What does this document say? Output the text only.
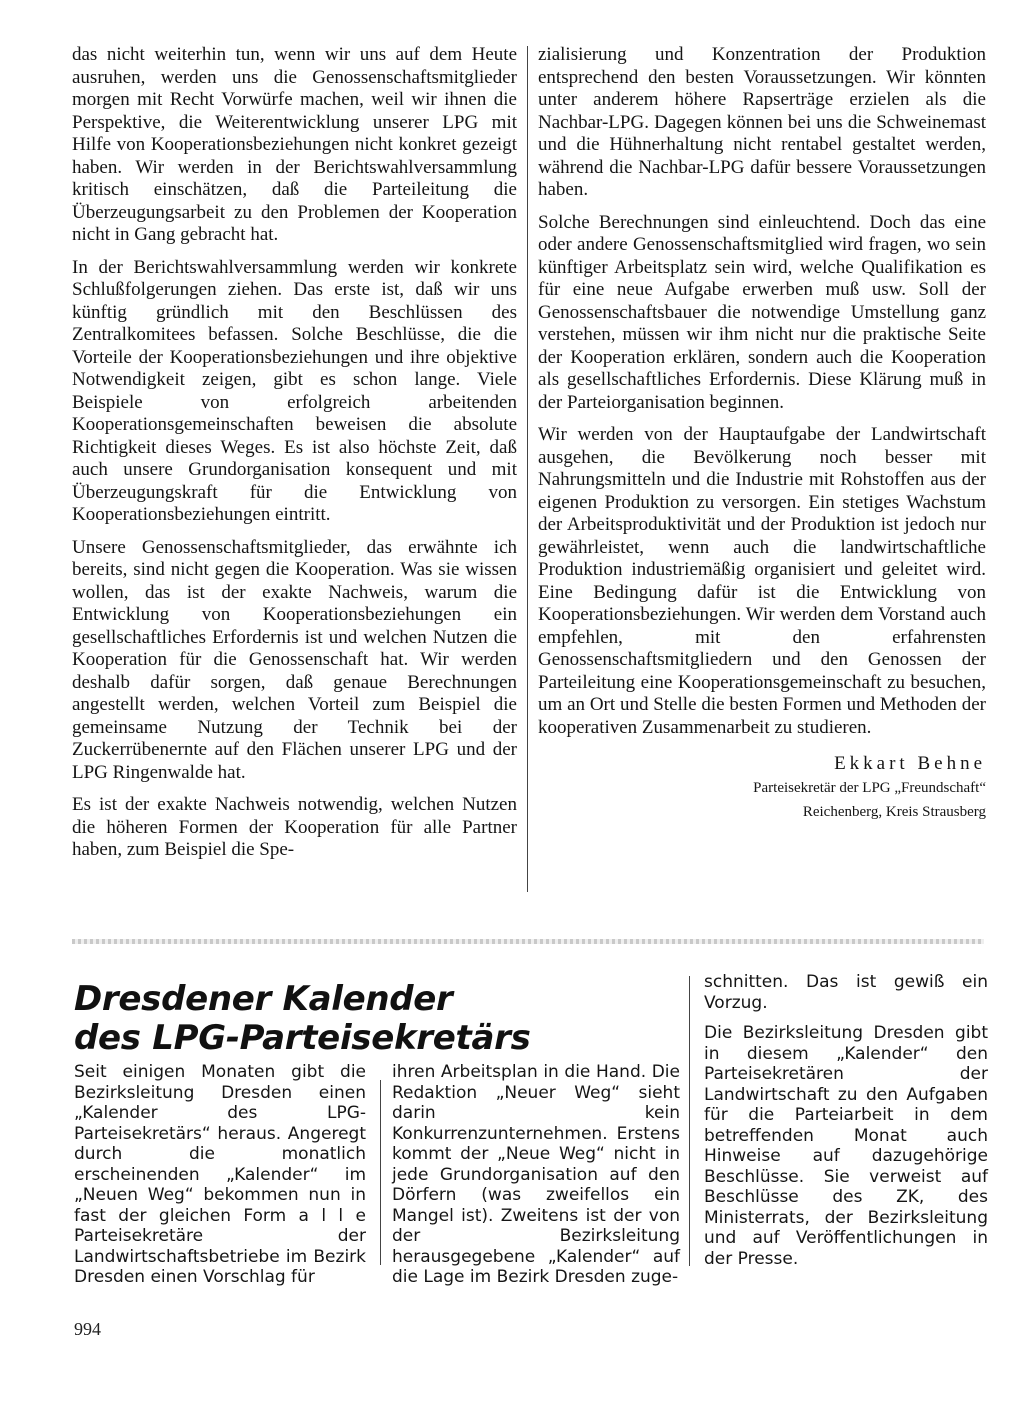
das nicht weiterhin tun, wenn wir uns auf dem Heute ausruhen, werden uns die Genossenschaftsmitglieder morgen mit Recht Vorwürfe machen, weil wir ihnen die Perspektive, die Weiterentwicklung unserer LPG mit Hilfe von Kooperationsbeziehungen nicht konkret gezeigt haben. Wir werden in der Berichtswahlversammlung kritisch einschätzen, daß die Parteileitung die Überzeugungsarbeit zu den Problemen der Kooperation nicht in Gang gebracht hat.

In der Berichtswahlversammlung werden wir konkrete Schlußfolgerungen ziehen. Das erste ist, daß wir uns künftig gründlich mit den Beschlüssen des Zentralkomitees befassen. Solche Beschlüsse, die die Vorteile der Kooperationsbeziehungen und ihre objektive Notwendigkeit zeigen, gibt es schon lange. Viele Beispiele von erfolgreich arbeitenden Kooperationsgemeinschaften beweisen die absolute Richtigkeit dieses Weges. Es ist also höchste Zeit, daß auch unsere Grundorganisation konsequent und mit Überzeugungskraft für die Entwicklung von Kooperationsbeziehungen eintritt.

Unsere Genossenschaftsmitglieder, das erwähnte ich bereits, sind nicht gegen die Kooperation. Was sie wissen wollen, das ist der exakte Nachweis, warum die Entwicklung von Kooperationsbeziehungen ein gesellschaftliches Erfordernis ist und welchen Nutzen die Kooperation für die Genossenschaft hat. Wir werden deshalb dafür sorgen, daß genaue Berechnungen angestellt werden, welchen Vorteil zum Beispiel die gemeinsame Nutzung der Technik bei der Zuckerrübenernte auf den Flächen unserer LPG und der LPG Ringenwalde hat.

Es ist der exakte Nachweis notwendig, welchen Nutzen die höheren Formen der Kooperation für alle Partner haben, zum Beispiel die Spe-

zialisierung und Konzentration der Produktion entsprechend den besten Voraussetzungen. Wir könnten unter anderem höhere Rapserträge erzielen als die Nachbar-LPG. Dagegen können bei uns die Schweinemast und die Hühnerhaltung nicht rentabel gestaltet werden, während die Nachbar-LPG dafür bessere Voraussetzungen haben.

Solche Berechnungen sind einleuchtend. Doch das eine oder andere Genossenschaftsmitglied wird fragen, wo sein künftiger Arbeitsplatz sein wird, welche Qualifikation es für eine neue Aufgabe erwerben muß usw. Soll der Genossenschaftsbauer die notwendige Umstellung ganz verstehen, müssen wir ihm nicht nur die praktische Seite der Kooperation erklären, sondern auch die Kooperation als gesellschaftliches Erfordernis. Diese Klärung muß in der Parteiorganisation beginnen.

Wir werden von der Hauptaufgabe der Landwirtschaft ausgehen, die Bevölkerung noch besser mit Nahrungsmitteln und die Industrie mit Rohstoffen aus der eigenen Produktion zu versorgen. Ein stetiges Wachstum der Arbeitsproduktivität und der Produktion ist jedoch nur gewährleistet, wenn auch die landwirtschaftliche Produktion industriemäßig organisiert und geleitet wird. Eine Bedingung dafür ist die Entwicklung von Kooperationsbeziehungen. Wir werden dem Vorstand auch empfehlen, mit den erfahrensten Genossenschaftsmitgliedern und den Genossen der Parteileitung eine Kooperationsgemeinschaft zu besuchen, um an Ort und Stelle die besten Formen und Methoden der kooperativen Zusammenarbeit zu studieren.

Ekkart Behne
Parteisekretär der LPG „Freundschaft“
Reichenberg, Kreis Strausberg
Dresdener Kalender
des LPG-Parteisekretärs

Seit einigen Monaten gibt die Bezirksleitung Dresden einen „Kalender des LPG-Parteisekretärs“ heraus. Angeregt durch die monatlich erscheinenden „Kalender“ im „Neuen Weg“ bekommen nun in fast der gleichen Form a l l e Parteisekretäre der Landwirtschaftsbetriebe im Bezirk Dresden einen Vorschlag für

ihren Arbeitsplan in die Hand. Die Redaktion „Neuer Weg“ sieht darin kein Konkurrenzunternehmen. Erstens kommt der „Neue Weg“ nicht in jede Grundorganisation auf den Dörfern (was zweifellos ein Mangel ist). Zweitens ist der von der Bezirksleitung herausgegebene „Kalender“ auf die Lage im Bezirk Dresden zuge-

schnitten. Das ist gewiß ein Vorzug.

Die Bezirksleitung Dresden gibt in diesem „Kalender“ den Parteisekretären der Landwirtschaft zu den Aufgaben für die Parteiarbeit in dem betreffenden Monat auch Hinweise auf dazugehörige Beschlüsse. Sie verweist auf Beschlüsse des ZK, des Ministerrats, der Bezirksleitung und auf Veröffentlichungen in der Presse.

994
